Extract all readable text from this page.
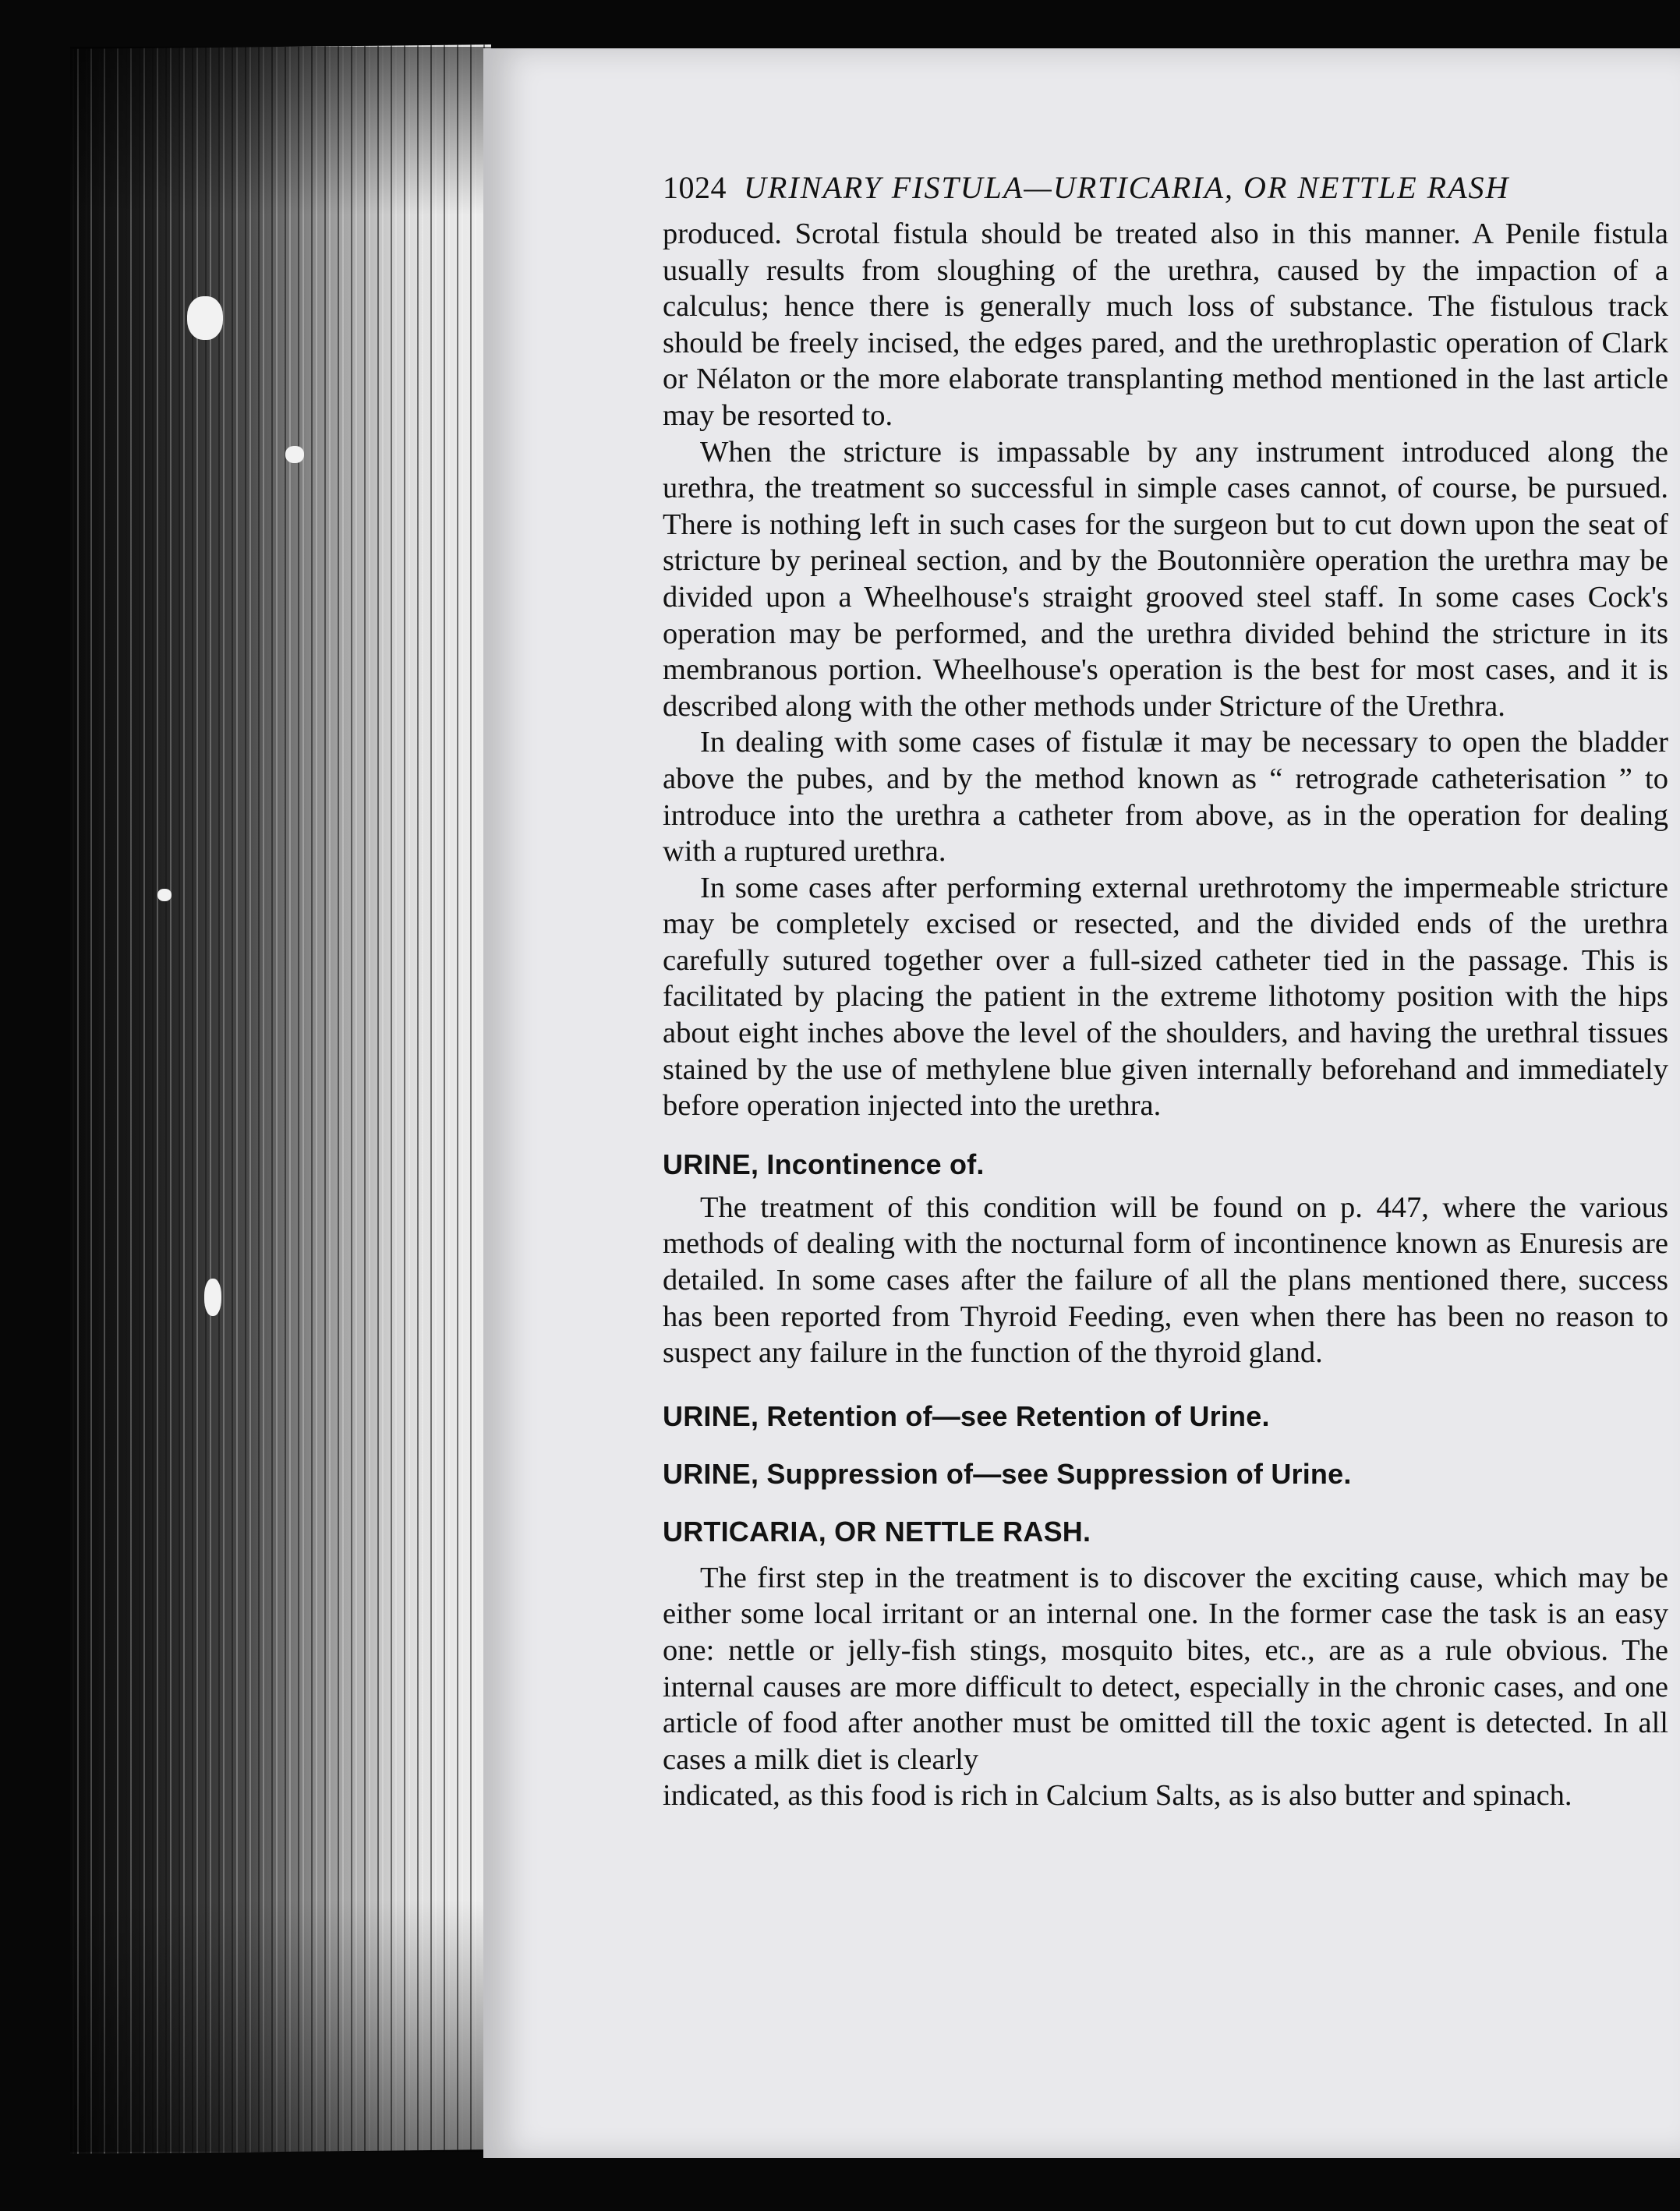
1024 URINARY FISTULA—URTICARIA, OR NETTLE RASH

produced. Scrotal fistula should be treated also in this manner. A Penile fistula usually results from sloughing of the urethra, caused by the impaction of a calculus; hence there is generally much loss of substance. The fistulous track should be freely incised, the edges pared, and the urethroplastic operation of Clark or Nélaton or the more elaborate transplanting method mentioned in the last article may be resorted to.

When the stricture is impassable by any instrument introduced along the urethra, the treatment so successful in simple cases cannot, of course, be pursued. There is nothing left in such cases for the surgeon but to cut down upon the seat of stricture by perineal section, and by the Boutonnière operation the urethra may be divided upon a Wheelhouse's straight grooved steel staff. In some cases Cock's operation may be performed, and the urethra divided behind the stricture in its membranous portion. Wheelhouse's operation is the best for most cases, and it is described along with the other methods under Stricture of the Urethra.

In dealing with some cases of fistulæ it may be necessary to open the bladder above the pubes, and by the method known as “ retrograde catheterisation ” to introduce into the urethra a catheter from above, as in the operation for dealing with a ruptured urethra.

In some cases after performing external urethrotomy the impermeable stricture may be completely excised or resected, and the divided ends of the urethra carefully sutured together over a full-sized catheter tied in the passage. This is facilitated by placing the patient in the extreme lithotomy position with the hips about eight inches above the level of the shoulders, and having the urethral tissues stained by the use of methylene blue given internally beforehand and immediately before operation injected into the urethra.

URINE, Incontinence of.

The treatment of this condition will be found on p. 447, where the various methods of dealing with the nocturnal form of incontinence known as Enuresis are detailed. In some cases after the failure of all the plans mentioned there, success has been reported from Thyroid Feeding, even when there has been no reason to suspect any failure in the function of the thyroid gland.

URINE, Retention of—see Retention of Urine.
URINE, Suppression of—see Suppression of Urine.
URTICARIA, OR NETTLE RASH.

The first step in the treatment is to discover the exciting cause, which may be either some local irritant or an internal one. In the former case the task is an easy one: nettle or jelly-fish stings, mosquito bites, etc., are as a rule obvious. The internal causes are more difficult to detect, especially in the chronic cases, and one article of food after another must be omitted till the toxic agent is detected. In all cases a milk diet is clearly

indicated, as this food is rich in Calcium Salts, as is also butter and spinach.
